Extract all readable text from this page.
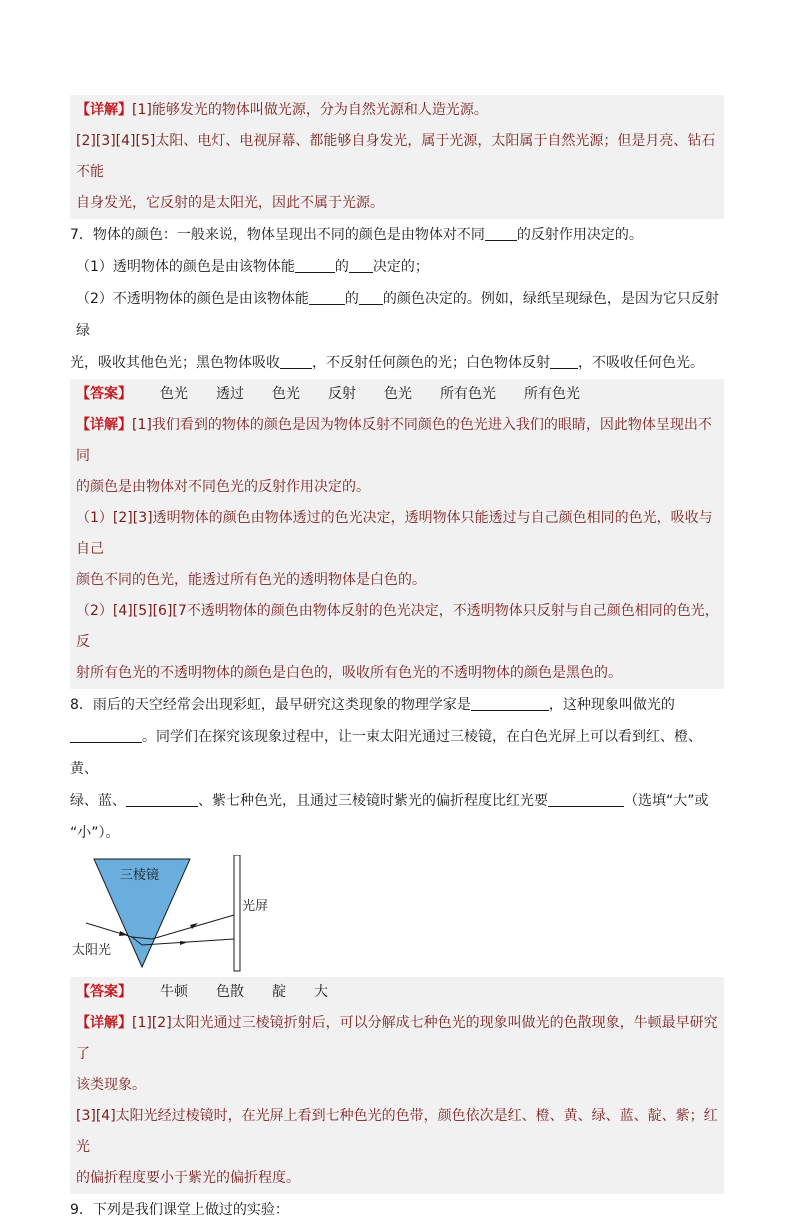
【详解】[1]能够发光的物体叫做光源，分为自然光源和人造光源。

[2][3][4][5]太阳、电灯、电视屏幕、都能够自身发光，属于光源，太阳属于自然光源；但是月亮、钻石不能

自身发光，它反射的是太阳光，因此不属于光源。

7．物体的颜色：一般来说，物体呈现出不同的颜色是由物体对不同 的反射作用决定的。

（1）透明物体的颜色是由该物体能	的 决定的；

（2）不透明物体的颜色是由该物体能	的 的颜色决定的。例如，绿纸呈现绿色，是因为它只反射绿

光，吸收其他色光；黑色物体吸收 ，不反射任何颜色的光；白色物体反射 ，不吸收任何色光。

【答案】 色光 透过 色光 反射 色光 所有色光 所有色光

【详解】[1]我们看到的物体的颜色是因为物体反射不同颜色的色光进入我们的眼睛，因此物体呈现出不同

的颜色是由物体对不同色光的反射作用决定的。

（1）[2][3]透明物体的颜色由物体透过的色光决定，透明物体只能透过与自己颜色相同的色光，吸收与自己

颜色不同的色光，能透过所有色光的透明物体是白色的。

（2）[4][5][6][7不透明物体的颜色由物体反射的色光决定，不透明物体只反射与自己颜色相同的色光，反

射所有色光的不透明物体的颜色是白色的，吸收所有色光的不透明物体的颜色是黑色的。

8．雨后的天空经常会出现彩虹，最早研究这类现象的物理学家是	，这种现象叫做光的

。同学们在探究该现象过程中，让一束太阳光通过三棱镜，在白色光屏上可以看到红、橙、黄、

绿、蓝、	、紫七种色光，且通过三棱镜时紫光的偏折程度比红光要	（选填“大”或

“小”）。

三棱镜
光屏
太阳光

【答案】 牛顿 色散 靛 大

【详解】[1][2]太阳光通过三棱镜折射后，可以分解成七种色光的现象叫做光的色散现象，牛顿最早研究了

该类现象。

[3][4]太阳光经过棱镜时，在光屏上看到七种色光的色带，颜色依次是红、橙、黄、绿、蓝、靛、紫；红光

的偏折程度要小于紫光的偏折程度。

9．下列是我们课堂上做过的实验：
